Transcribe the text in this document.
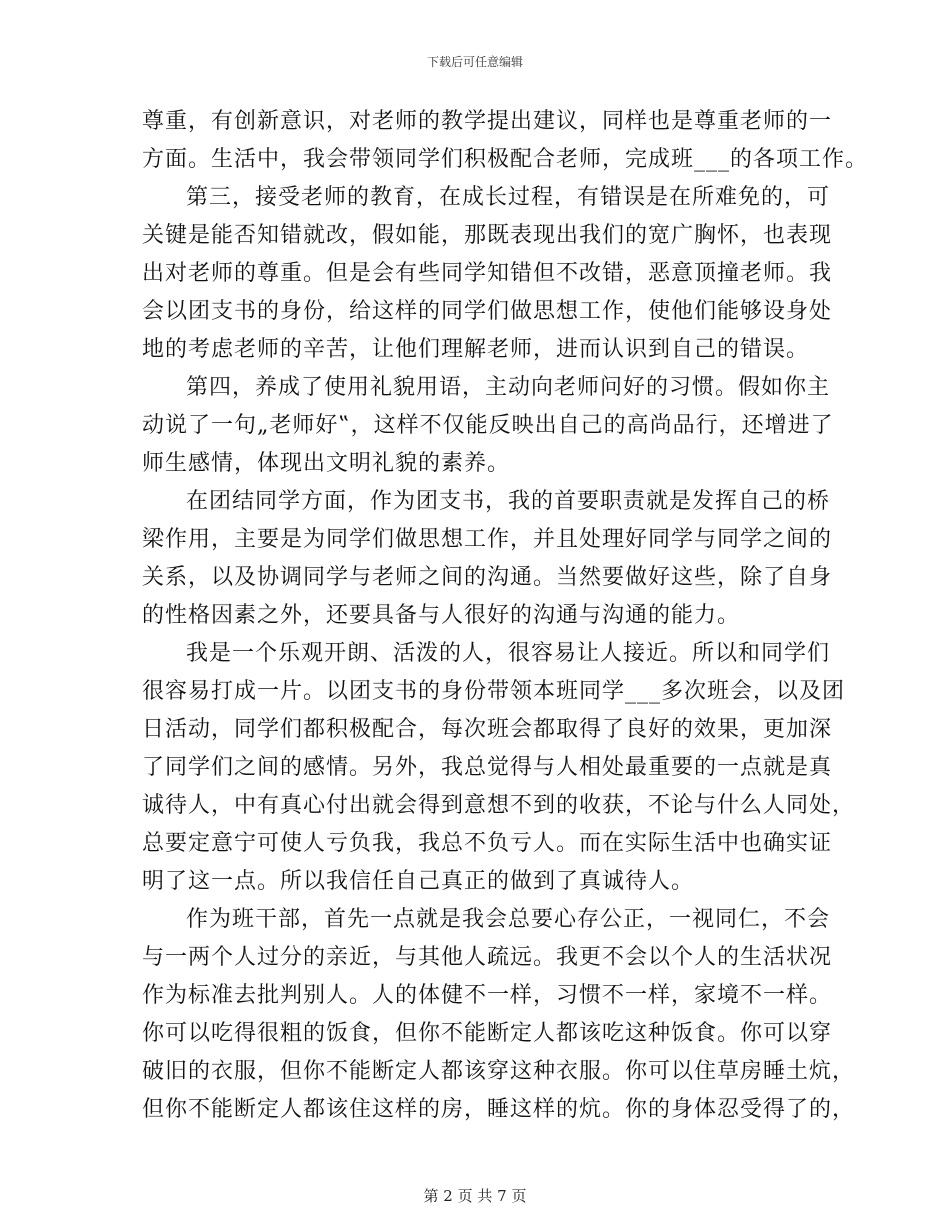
下载后可任意编辑

尊重，有创新意识，对老师的教学提出建议，同样也是尊重老师的一
方面。生活中，我会带领同学们积极配合老师，完成班___的各项工作。
第三，接受老师的教育，在成长过程，有错误是在所难免的，可
关键是能否知错就改，假如能，那既表现出我们的宽广胸怀，也表现
出对老师的尊重。但是会有些同学知错但不改错，恶意顶撞老师。我
会以团支书的身份，给这样的同学们做思想工作，使他们能够设身处
地的考虑老师的辛苦，让他们理解老师，进而认识到自己的错误。
第四，养成了使用礼貌用语，主动向老师问好的习惯。假如你主
动说了一句„老师好‟，这样不仅能反映出自己的高尚品行，还增进了
师生感情，体现出文明礼貌的素养。
在团结同学方面，作为团支书，我的首要职责就是发挥自己的桥
梁作用，主要是为同学们做思想工作，并且处理好同学与同学之间的
关系，以及协调同学与老师之间的沟通。当然要做好这些，除了自身
的性格因素之外，还要具备与人很好的沟通与沟通的能力。
我是一个乐观开朗、活泼的人，很容易让人接近。所以和同学们
很容易打成一片。以团支书的身份带领本班同学___多次班会，以及团
日活动，同学们都积极配合，每次班会都取得了良好的效果，更加深
了同学们之间的感情。另外，我总觉得与人相处最重要的一点就是真
诚待人，中有真心付出就会得到意想不到的收获，不论与什么人同处，
总要定意宁可使人亏负我，我总不负亏人。而在实际生活中也确实证
明了这一点。所以我信任自己真正的做到了真诚待人。
作为班干部，首先一点就是我会总要心存公正，一视同仁，不会
与一两个人过分的亲近，与其他人疏远。我更不会以个人的生活状况
作为标准去批判别人。人的体健不一样，习惯不一样，家境不一样。
你可以吃得很粗的饭食，但你不能断定人都该吃这种饭食。你可以穿
破旧的衣服，但你不能断定人都该穿这种衣服。你可以住草房睡土炕，
但你不能断定人都该住这样的房，睡这样的炕。你的身体忍受得了的，

第 2 页 共 7 页
